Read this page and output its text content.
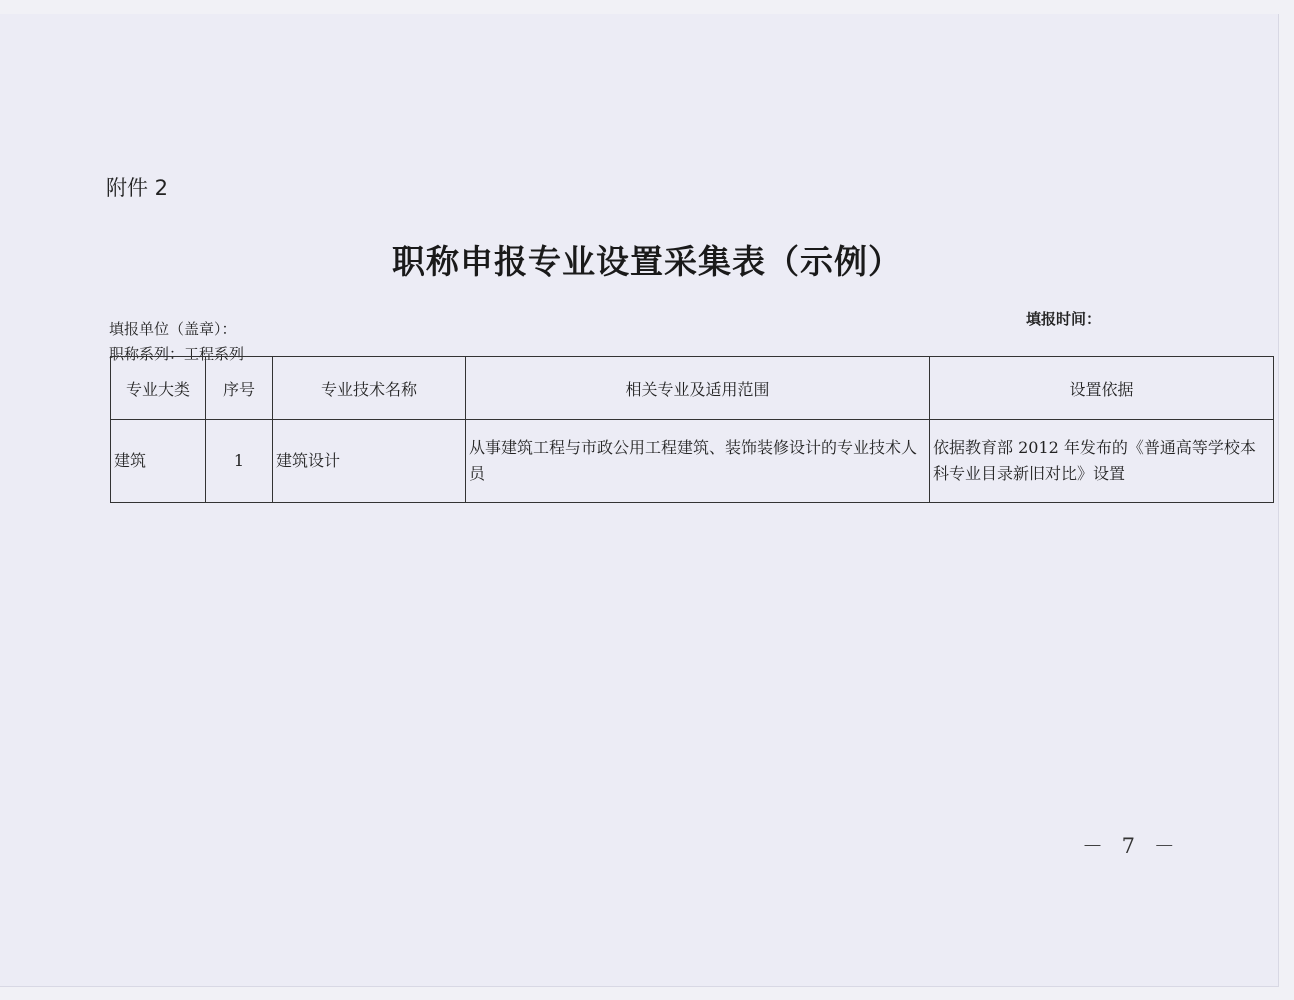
附件 2
职称申报专业设置采集表（示例）
填报单位（盖章）：
填报时间：
职称系列：工程系列
专业大类	序号	专业技术名称	相关专业及适用范围	设置依据
建筑	1	建筑设计	从事建筑工程与市政公用工程建筑、装饰装修设计的专业技术人员	依据教育部 2012 年发布的《普通高等学校本科专业目录新旧对比》设置
－ 7 －
